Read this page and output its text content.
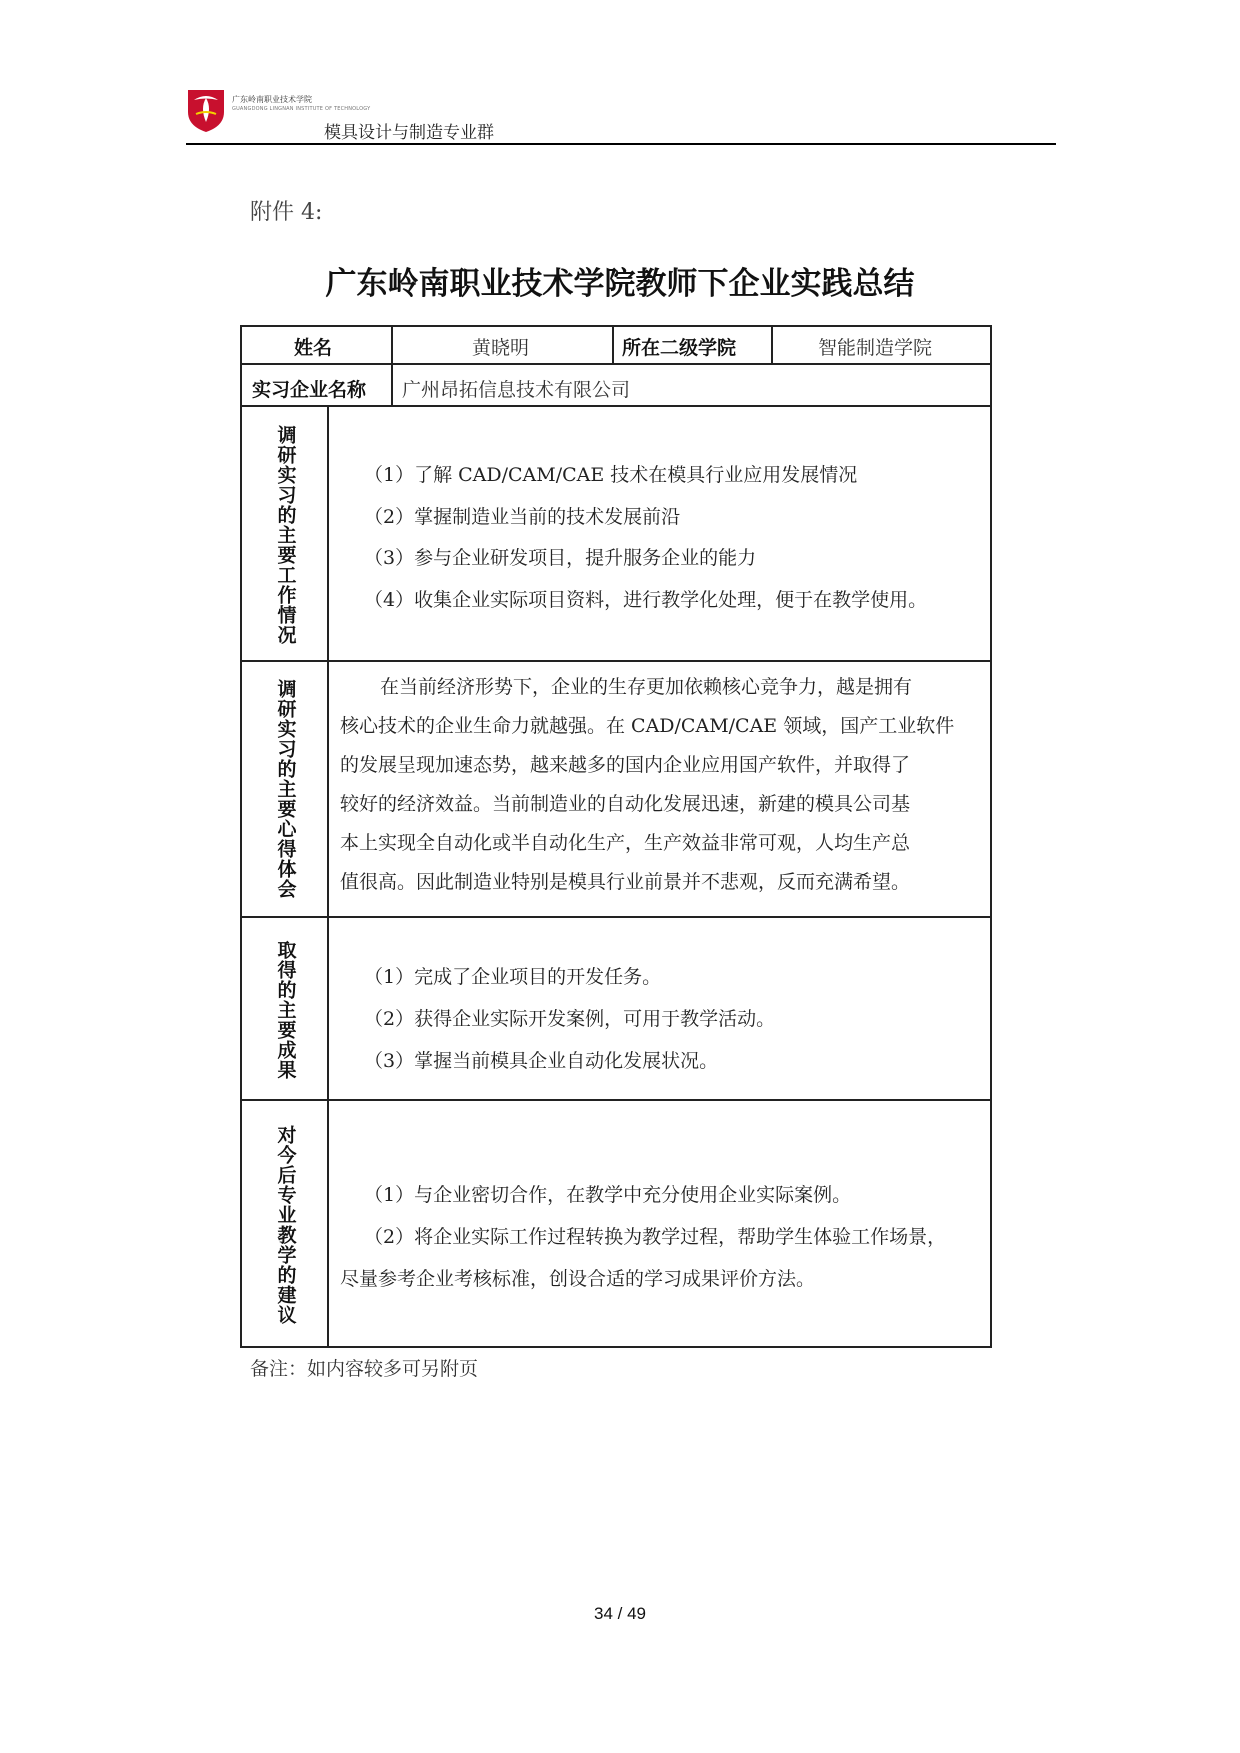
广东岭南职业技术学院
GUANGDONG LINGNAN INSTITUTE OF TECHNOLOGY
模具设计与制造专业群
附件 4:
广东岭南职业技术学院教师下企业实践总结
姓名	黄晓明	所在二级学院	智能制造学院
实习企业名称 广州昂拓信息技术有限公司
调研实习的主要工作情况	（1）了解 CAD/CAM/CAE 技术在模具行业应用发展情况
（2）掌握制造业当前的技术发展前沿
（3）参与企业研发项目，提升服务企业的能力
（4）收集企业实际项目资料，进行教学化处理，便于在教学使用。
调研实习的主要心得体会	在当前经济形势下，企业的生存更加依赖核心竞争力，越是拥有
核心技术的企业生命力就越强。在 CAD/CAM/CAE 领域，国产工业软件
的发展呈现加速态势，越来越多的国内企业应用国产软件，并取得了
较好的经济效益。当前制造业的自动化发展迅速，新建的模具公司基
本上实现全自动化或半自动化生产，生产效益非常可观，人均生产总
值很高。因此制造业特别是模具行业前景并不悲观，反而充满希望。
取得的主要成果	（1）完成了企业项目的开发任务。
（2）获得企业实际开发案例，可用于教学活动。
（3）掌握当前模具企业自动化发展状况。
对今后专业教学的建议	（1）与企业密切合作，在教学中充分使用企业实际案例。
（2）将企业实际工作过程转换为教学过程，帮助学生体验工作场景，
尽量参考企业考核标准，创设合适的学习成果评价方法。
备注：如内容较多可另附页
34 / 49
